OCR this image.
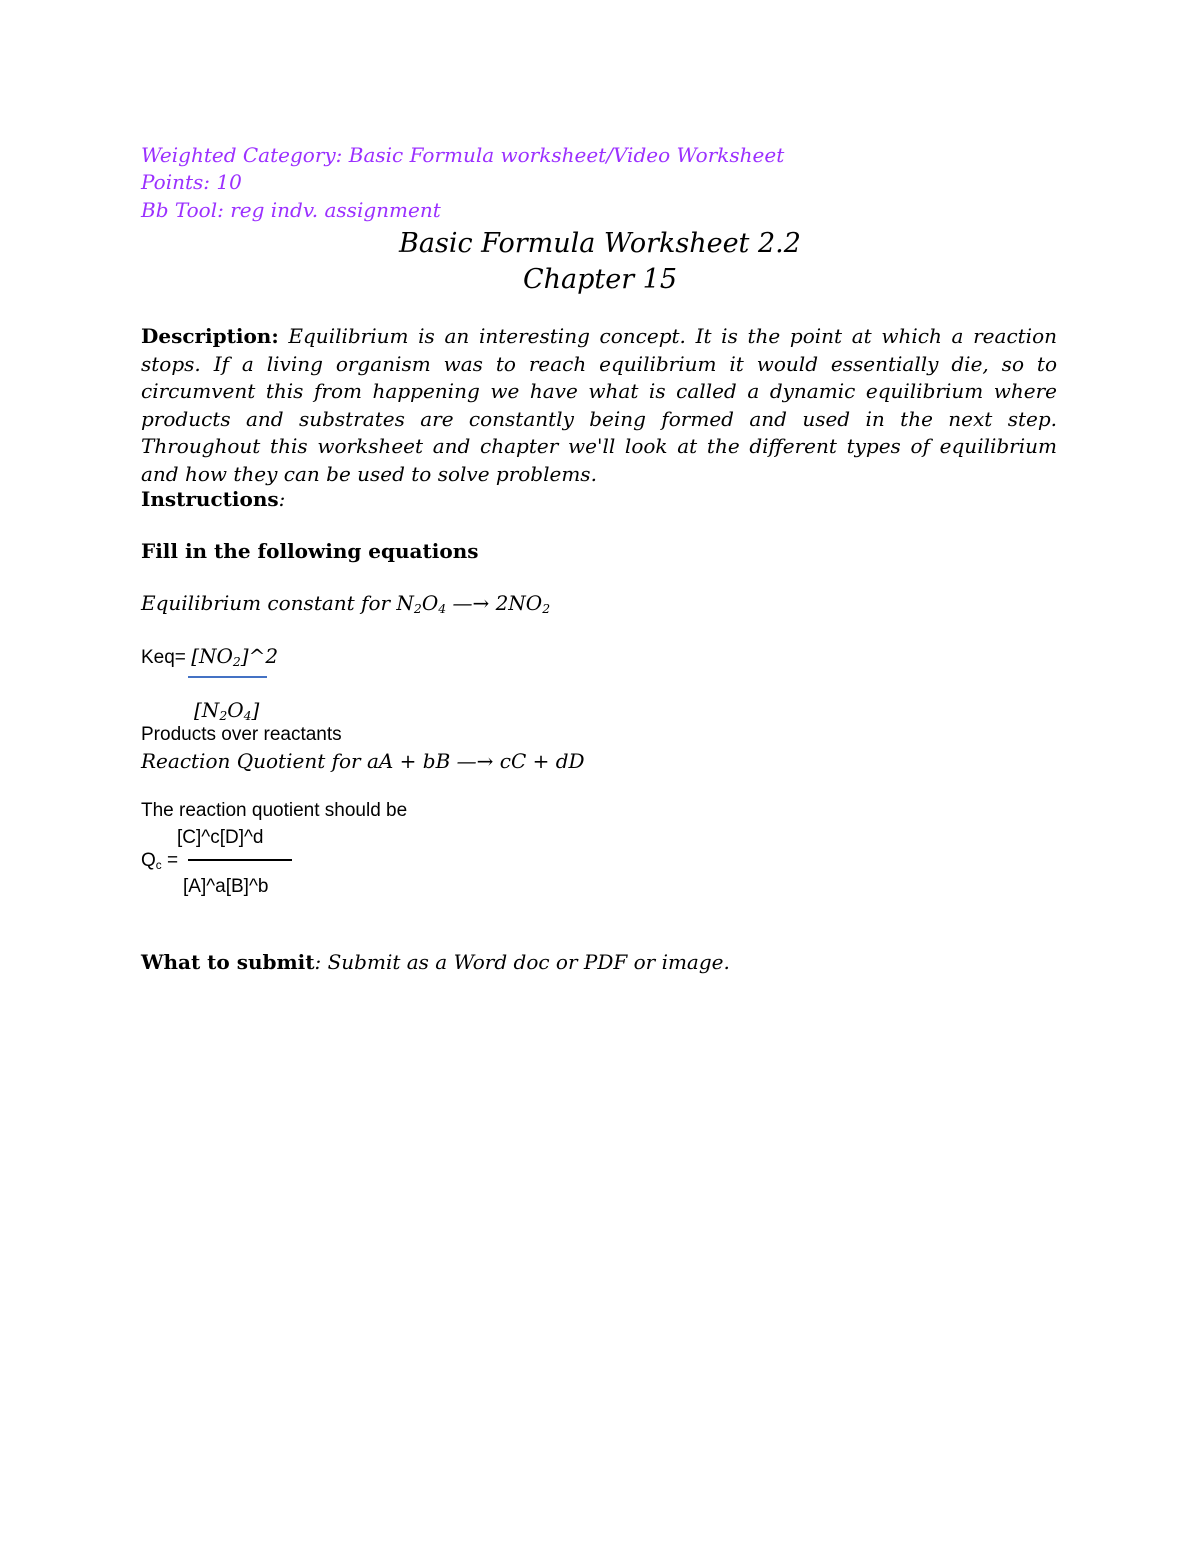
Weighted Category: Basic Formula worksheet/Video Worksheet
Points: 10
Bb Tool: reg indv. assignment
Basic Formula Worksheet 2.2
Chapter 15
Description: Equilibrium is an interesting concept. It is the point at which a reaction stops. If a living organism was to reach equilibrium it would essentially die, so to circumvent this from happening we have what is called a dynamic equilibrium where products and substrates are constantly being formed and used in the next step. Throughout this worksheet and chapter we'll look at the different types of equilibrium and how they can be used to solve problems.
Instructions:
Fill in the following equations
Equilibrium constant for $N_2O_4$ —→ $2NO_2$
$Keq= [NO_2]\^{}2$
$[N_2O_4]$
Products over reactants
Reaction Quotient for aA + bB —→ cC + dD
The reaction quotient should be
[C]^c[D]^d
$Q_c$ =
[A]^a[B]^b
What to submit: Submit as a Word doc or PDF or image.
